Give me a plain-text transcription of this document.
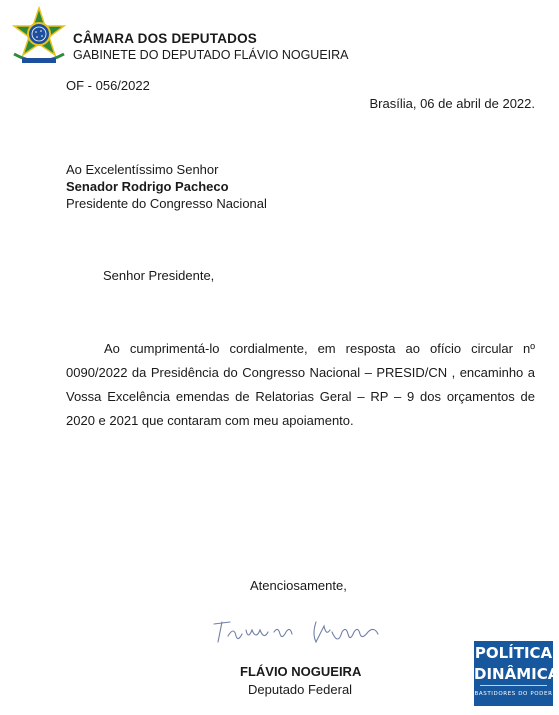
CÂMARA DOS DEPUTADOS
GABINETE DO DEPUTADO FLÁVIO NOGUEIRA
OF - 056/2022
Brasília, 06 de abril de 2022.
Ao Excelentíssimo Senhor
Senador Rodrigo Pacheco
Presidente do Congresso Nacional
Senhor Presidente,
Ao cumprimentá-lo cordialmente, em resposta ao ofício circular nº 0090/2022 da Presidência do Congresso Nacional – PRESID/CN , encaminho a Vossa Excelência emendas de Relatorias Geral – RP – 9 dos orçamentos de 2020 e 2021 que contaram com meu apoiamento.
Atenciosamente,
FLÁVIO NOGUEIRA
Deputado Federal
POLÍTICA
DINÂMICA
BASTIDORES DO PODER
